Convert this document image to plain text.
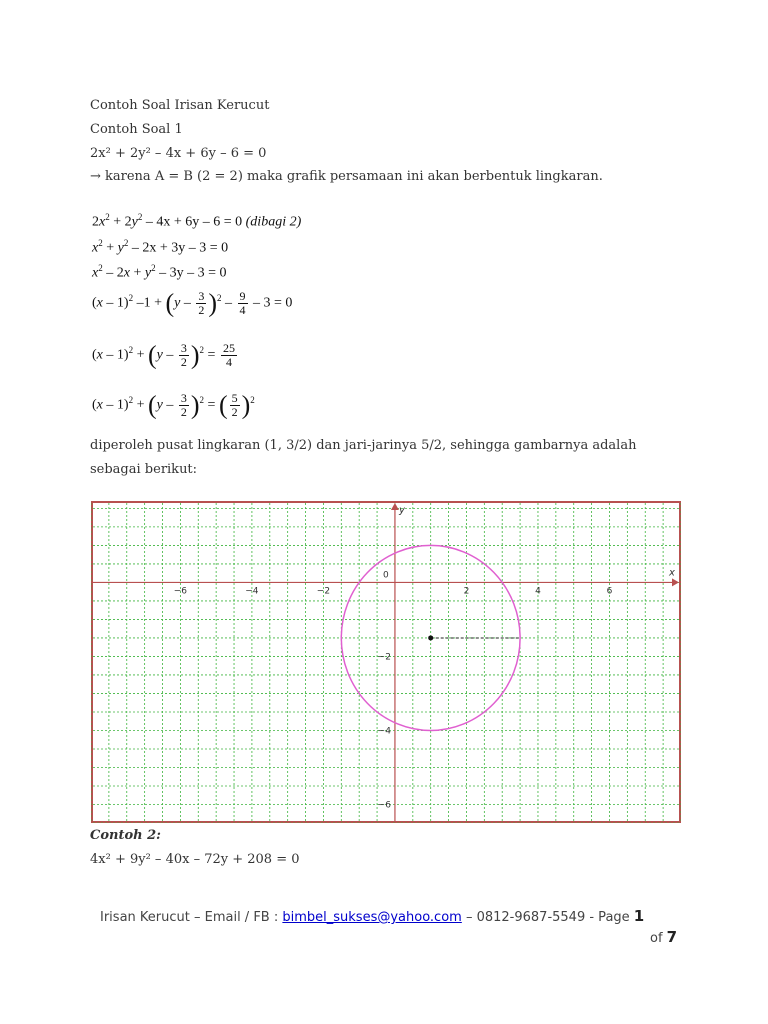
Contoh Soal Irisan Kerucut
Contoh Soal 1
2x² + 2y² – 4x + 6y – 6 = 0
→ karena A = B (2 = 2) maka grafik persamaan ini akan berbentuk lingkaran.
$2x^2 + 2y^2 - 4x + 6y - 6 = 0$ (dibagi 2)
$x^2 + y^2 - 2x + 3y - 3 = 0$
$x^2 - 2x + y^2 - 3y - 3 = 0$
(x – 1)$^2$ $-1 + (y - \frac{3}{2} )^2 - \frac{9}{4} - 3 = 0$
$(x - 1)^2 + (y - \frac{3}{2} )^2 = \frac{25}{4}$
$(x - 1)^2 + (y - \frac{3}{2} )^2$ = ( $\frac{5}{2} )^2$
diperoleh pusat lingkaran (1, 3/2) dan jari-jarinya 5/2, sehingga gambarnya adalah
sebagai berikut:
x
y
0
−6	−4	−2	2	4	6
−2
−4
−6
Contoh 2:
4x² + 9y² – 40x – 72y + 208 = 0
Irisan Kerucut – Email / FB : bimbel_sukses@yahoo.com – 0812-9687-5549 - Page 1
of 7
